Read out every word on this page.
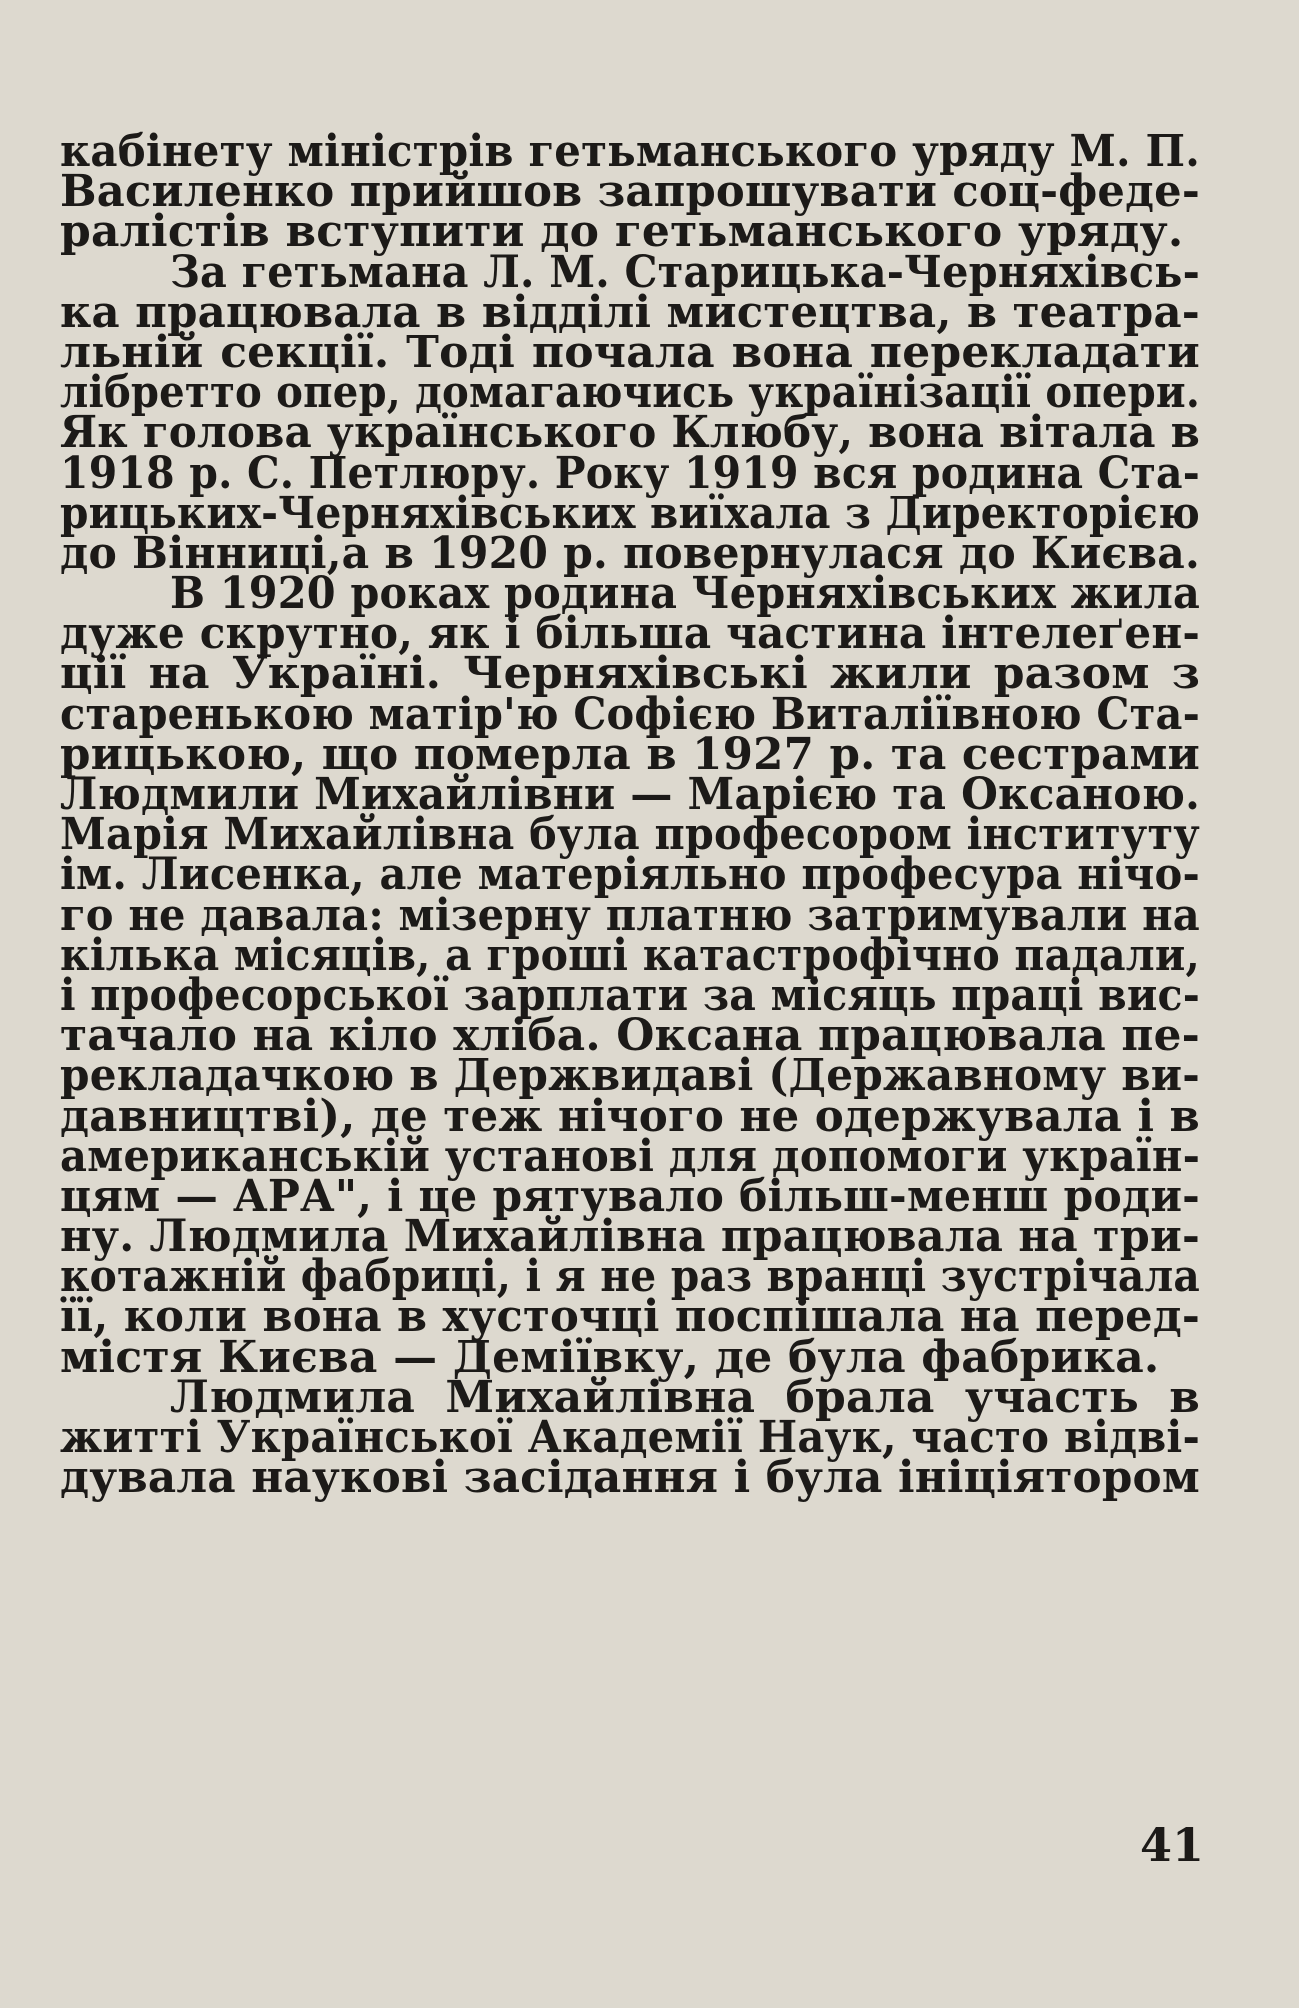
кабінету міністрів гетьманського уряду М. П.
Василенко прийшов запрошувати соц-феде-
ралістів вступити до гетьманського уряду.
За гетьмана Л. М. Старицька-Черняхівсь-
ка працювала в відділі мистецтва, в театра-
льній секції. Тоді почала вона перекладати
лібретто опер, домагаючись українізації опери.
Як голова українського Клюбу, вона вітала в
1918 р. С. Петлюру. Року 1919 вся родина Ста-
рицьких-Черняхівських виїхала з Директорією
до Вінниці,а в 1920 р. повернулася до Києва.
В 1920 роках родина Черняхівських жила
дуже скрутно, як і більша частина інтелеґен-
ції на Україні. Черняхівські жили разом з
старенькою матір'ю Софією Виталіївною Ста-
рицькою, що померла в 1927 р. та сестрами
Людмили Михайлівни — Марією та Оксаною.
Марія Михайлівна була професором інституту
ім. Лисенка, але матеріяльно професура нічо-
го не давала: мізерну платню затримували на
кілька місяців, а гроші катастрофічно падали,
і професорської зарплати за місяць праці вис-
тачало на кіло хліба. Оксана працювала пе-
рекладачкою в Держвидаві (Державному ви-
давництві), де теж нічого не одержувала і в
американській установі для допомоги україн-
цям — АРА", і це рятувало більш-менш роди-
ну. Людмила Михайлівна працювала на три-
котажній фабриці, і я не раз вранці зустрічала
її, коли вона в хусточці поспішала на перед-
містя Києва — Деміївку, де була фабрика.
Людмила Михайлівна брала участь в
житті Української Академії Наук, часто відві-
дувала наукові засідання і була ініціятором
41
